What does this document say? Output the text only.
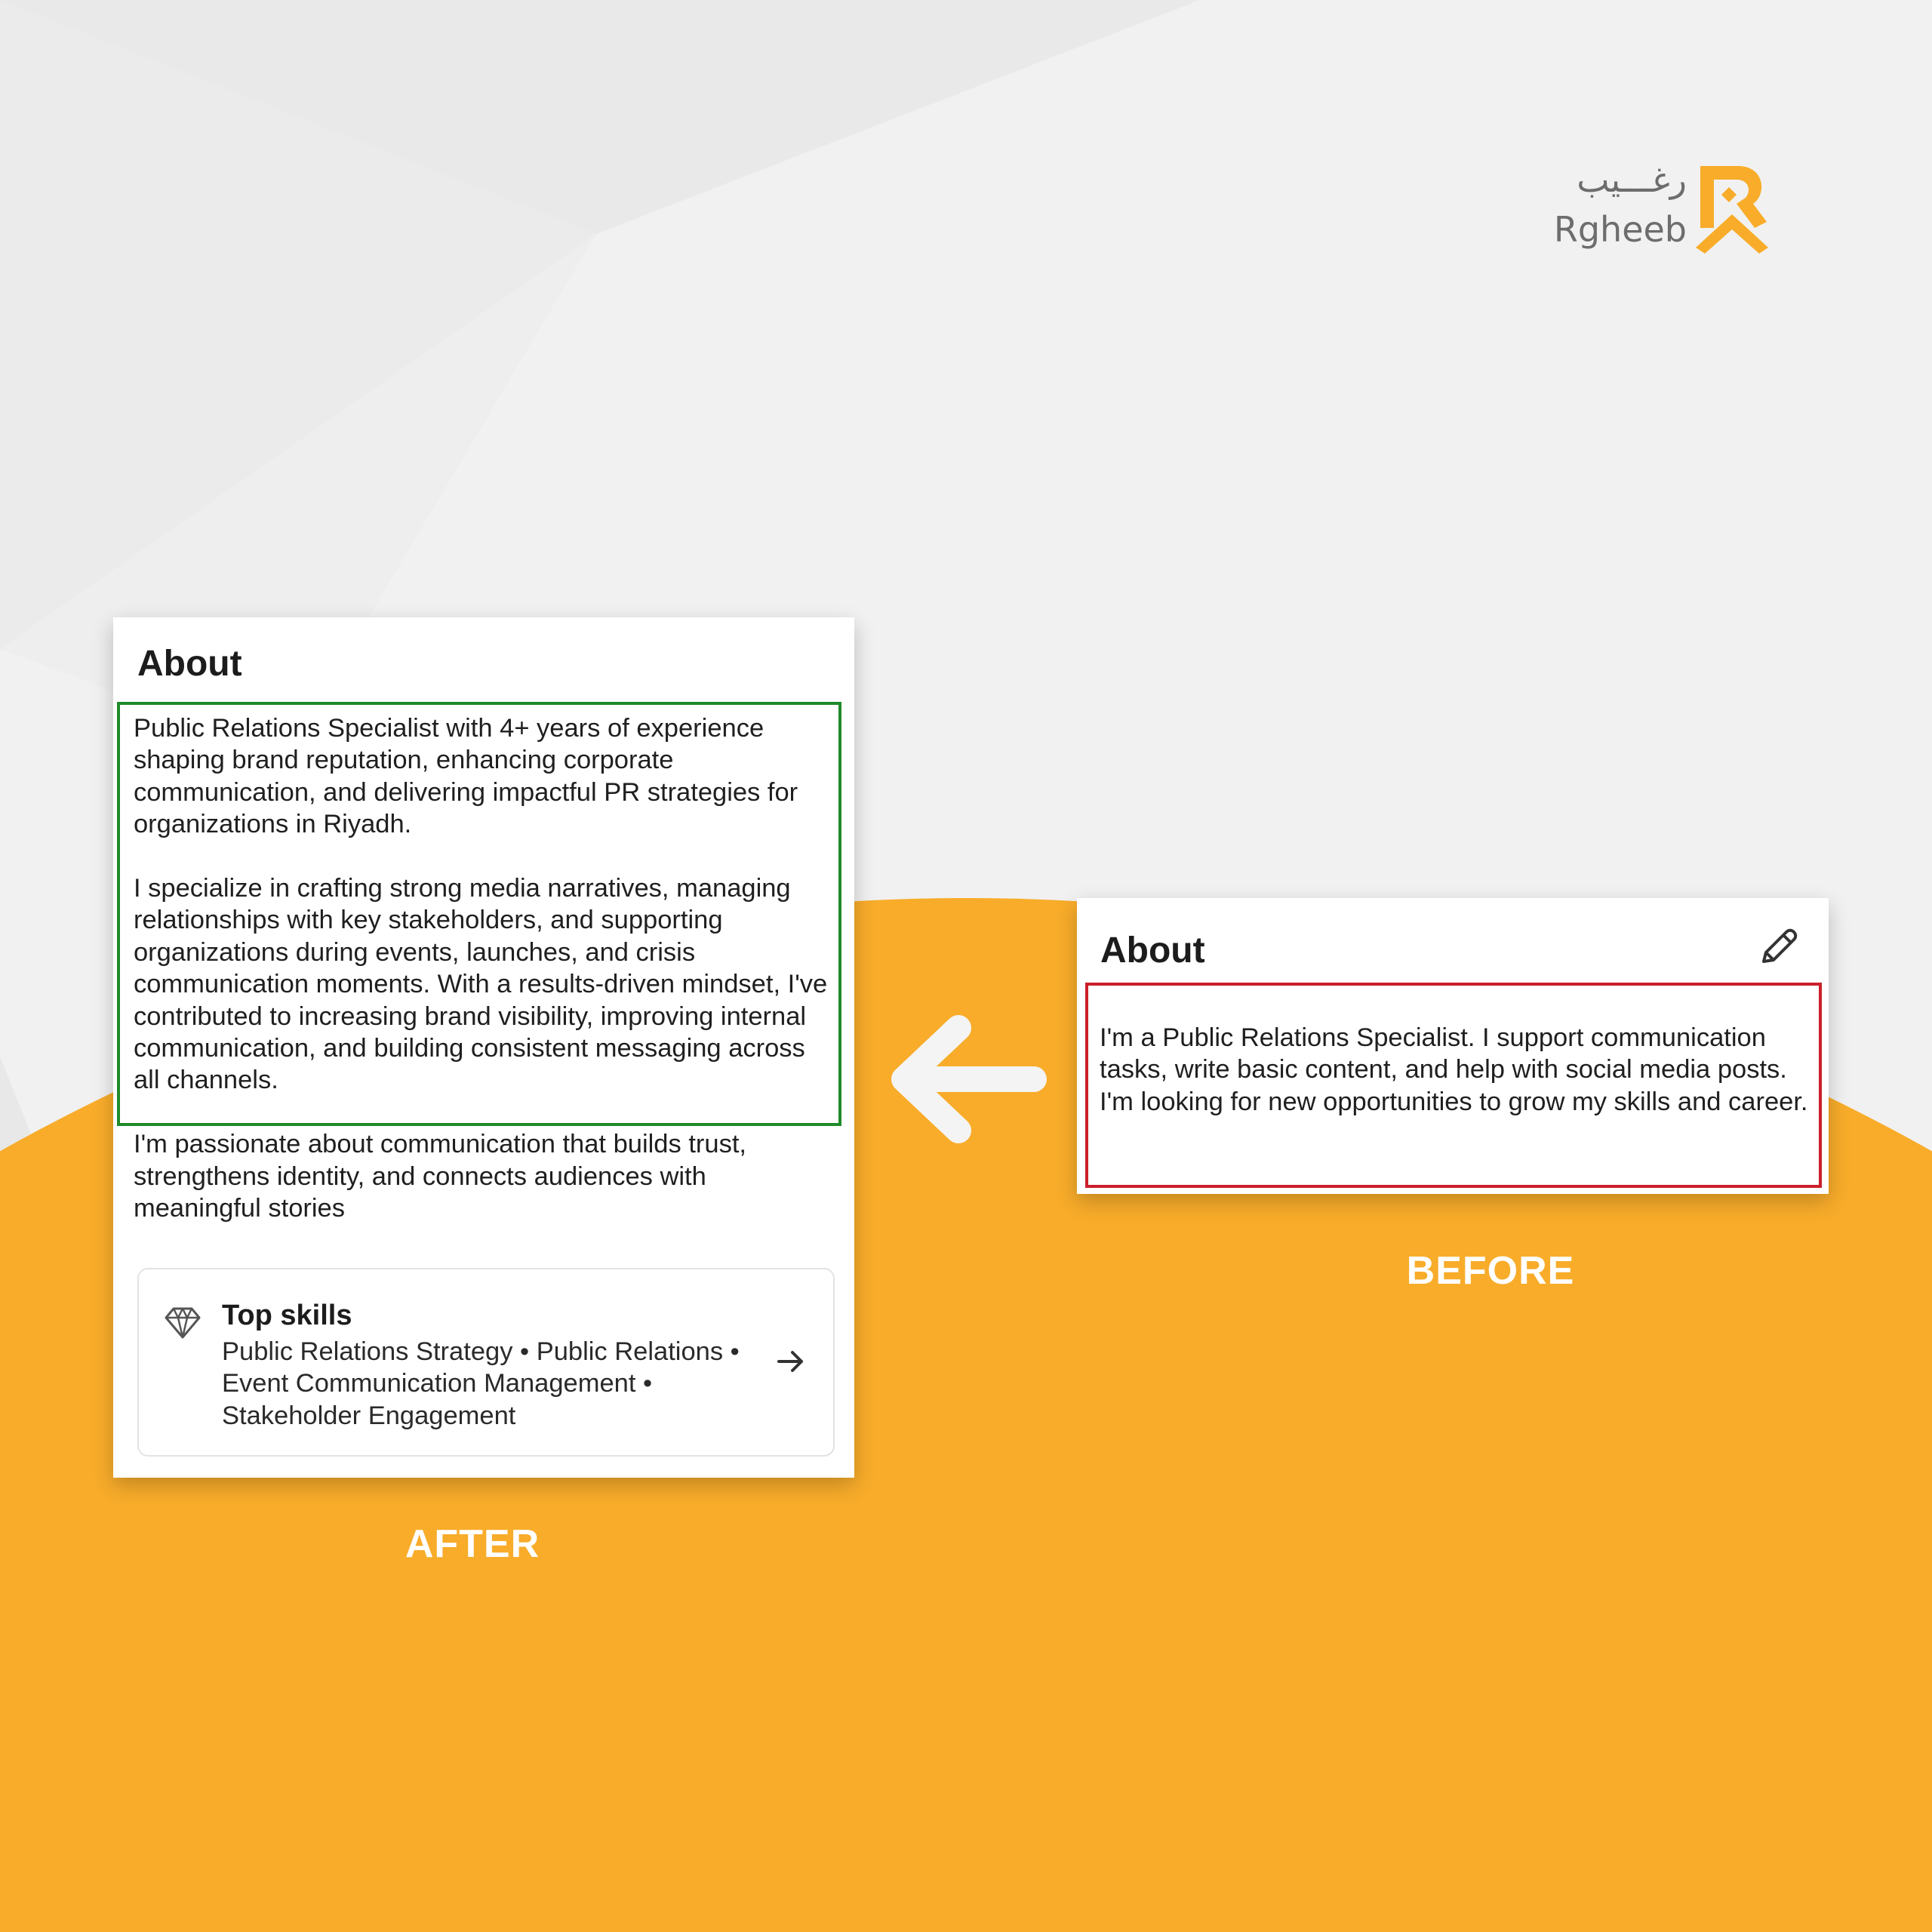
رغـــيب
Rgheeb
About

Public Relations Specialist with 4+ years of experience shaping brand reputation, enhancing corporate communication, and delivering impactful PR strategies for organizations in Riyadh.

I specialize in crafting strong media narratives, managing relationships with key stakeholders, and supporting organizations during events, launches, and crisis communication moments. With a results-driven mindset, I've contributed to increasing brand visibility, improving internal communication, and building consistent messaging across all channels.

I'm passionate about communication that builds trust, strengthens identity, and connects audiences with meaningful stories

Top skills
Public Relations Strategy • Public Relations • Event Communication Management • Stakeholder Engagement
AFTER
About
I'm a Public Relations Specialist. I support communication tasks, write basic content, and help with social media posts. I'm looking for new opportunities to grow my skills and career.
BEFORE
